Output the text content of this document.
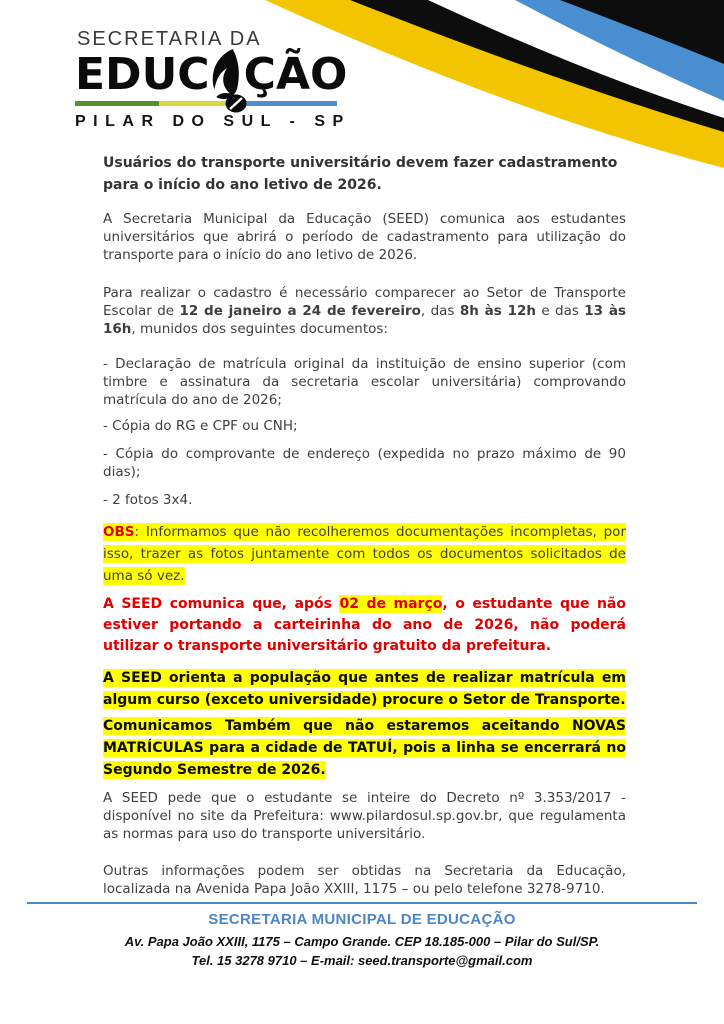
SECRETARIA DA
EDUC ÇÃO
PILAR DO SUL - SP
Usuários do transporte universitário devem fazer cadastramento para o início do ano letivo de 2026.

A Secretaria Municipal da Educação (SEED) comunica aos estudantes universitários que abrirá o período de cadastramento para utilização do transporte para o início do ano letivo de 2026.

Para realizar o cadastro é necessário comparecer ao Setor de Transporte Escolar de 12 de janeiro a 24 de fevereiro, das 8h às 12h e das 13 às 16h, munidos dos seguintes documentos:

- Declaração de matrícula original da instituição de ensino superior (com timbre e assinatura da secretaria escolar universitária) comprovando matrícula do ano de 2026;

- Cópia do RG e CPF ou CNH;

- Cópia do comprovante de endereço (expedida no prazo máximo de 90 dias);

- 2 fotos 3x4.

OBS: Informamos que não recolheremos documentações incompletas, por isso, trazer as fotos juntamente com todos os documentos solicitados de uma só vez.

A SEED comunica que, após 02 de março, o estudante que não estiver portando a carteirinha do ano de 2026, não poderá utilizar o transporte universitário gratuito da prefeitura.

A SEED orienta a população que antes de realizar matrícula em algum curso (exceto universidade) procure o Setor de Transporte.

Comunicamos Também que não estaremos aceitando NOVAS MATRÍCULAS para a cidade de TATUÍ, pois a linha se encerrará no Segundo Semestre de 2026.

A SEED pede que o estudante se inteire do Decreto nº 3.353/2017 - disponível no site da Prefeitura: www.pilardosul.sp.gov.br, que regulamenta as normas para uso do transporte universitário.

Outras informações podem ser obtidas na Secretaria da Educação, localizada na Avenida Papa João XXIII, 1175 – ou pelo telefone 3278-9710.

SECRETARIA MUNICIPAL DE EDUCAÇÃO
Av. Papa João XXIII, 1175 – Campo Grande. CEP 18.185-000 – Pilar do Sul/SP.
Tel. 15 3278 9710 – E-mail: seed.transporte@gmail.com
